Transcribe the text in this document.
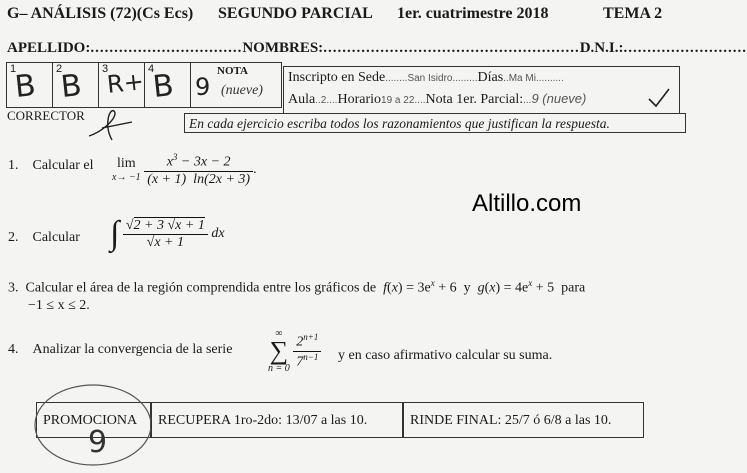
G– ANÁLISIS (72)(Cs Ecs) SEGUNDO PARCIAL 1er. cuatrimestre 2018	TEMA 2
APELLIDO:................................NOMBRES:......................................................D.N.I.:..........................
1
B 2
B 3
R+ 4
B	NOTA
9 (nueve)
Inscripto en Sede........San Isidro.........Días..Ma Mi..........
Aula..2....Horario19 a 22....Nota 1er. Parcial:...9 (nueve)
CORRECTOR
En cada ejercicio escriba todos los razonamientos que justifican la respuesta.
1. Calcular el	lim
x→ −1
$\frac{x^3 - 3x - 2}{(x + 1) \ln(2x + 3)}$ .
2. Calcular ∫ $\frac{√2 + 3 √x + 1}{√x + 1}$ dx
3. Calcular el área de la región comprendida entre los gráficos de $f(x) = 3e^x + 6$  y $g(x) = 4e^x + 5$  para
−1 ≤ x ≤ 2.
4. Analizar la convergencia de la serie
∞
∑
n = 0
$\frac{2^{n+1}}{7^{n-1}}$ y en caso afirmativo calcular su suma.
PROMOCIONA
9
RECUPERA 1ro-2do: 13/07 a las 10.	RINDE FINAL: 25/7 ó 6/8 a las 10.
Altillo.com
